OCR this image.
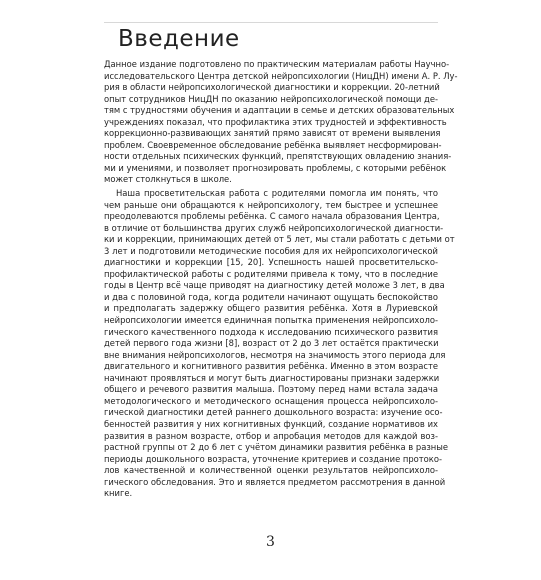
Введение

Данное издание подготовлено по практическим материалам работы Научно-
исследовательского Центра детской нейропсихологии (НицДН) имени А. Р. Лу-
рия в области нейропсихологической диагностики и коррекции. 20-летний
опыт сотрудников НицДН по оказанию нейропсихологической помощи де-
тям с трудностями обучения и адаптации в семье и детских образовательных
учреждениях показал, что профилактика этих трудностей и эффективность
коррекционно-развивающих занятий прямо зависят от времени выявления
проблем. Своевременное обследование ребёнка выявляет несформирован-
ности отдельных психических функций, препятствующих овладению знания-
ми и умениями, и позволяет прогнозировать проблемы, с которыми ребёнок
может столкнуться в школе.

Наша просветительская работа с родителями помогла им понять, что
чем раньше они обращаются к нейропсихологу, тем быстрее и успешнее
преодолеваются проблемы ребёнка. С самого начала образования Центра,
в отличие от большинства других служб нейропсихологической диагности-
ки и коррекции, принимающих детей от 5 лет, мы стали работать с детьми от
3 лет и подготовили методические пособия для их нейропсихологической
диагностики и коррекции [15, 20]. Успешность нашей просветительско-
профилактической работы с родителями привела к тому, что в последние
годы в Центр всё чаще приводят на диагностику детей моложе 3 лет, в два
и два с половиной года, когда родители начинают ощущать беспокойство
и предполагать задержку общего развития ребёнка. Хотя в Луриевской
нейропсихологии имеется единичная попытка применения нейропсихоло-
гического качественного подхода к исследованию психического развития
детей первого года жизни [8], возраст от 2 до 3 лет остаётся практически
вне внимания нейропсихологов, несмотря на значимость этого периода для
двигательного и когнитивного развития ребёнка. Именно в этом возрасте
начинают проявляться и могут быть диагностированы признаки задержки
общего и речевого развития малыша. Поэтому перед нами встала задача
методологического и методического оснащения процесса нейропсихоло-
гической диагностики детей раннего дошкольного возраста: изучение осо-
бенностей развития у них когнитивных функций, создание нормативов их
развития в разном возрасте, отбор и апробация методов для каждой воз-
растной группы от 2 до 6 лет с учётом динамики развития ребёнка в разные
периоды дошкольного возраста, уточнение критериев и создание протоко-
лов качественной и количественной оценки результатов нейропсихоло-
гического обследования. Это и является предметом рассмотрения в данной
книге.

3
